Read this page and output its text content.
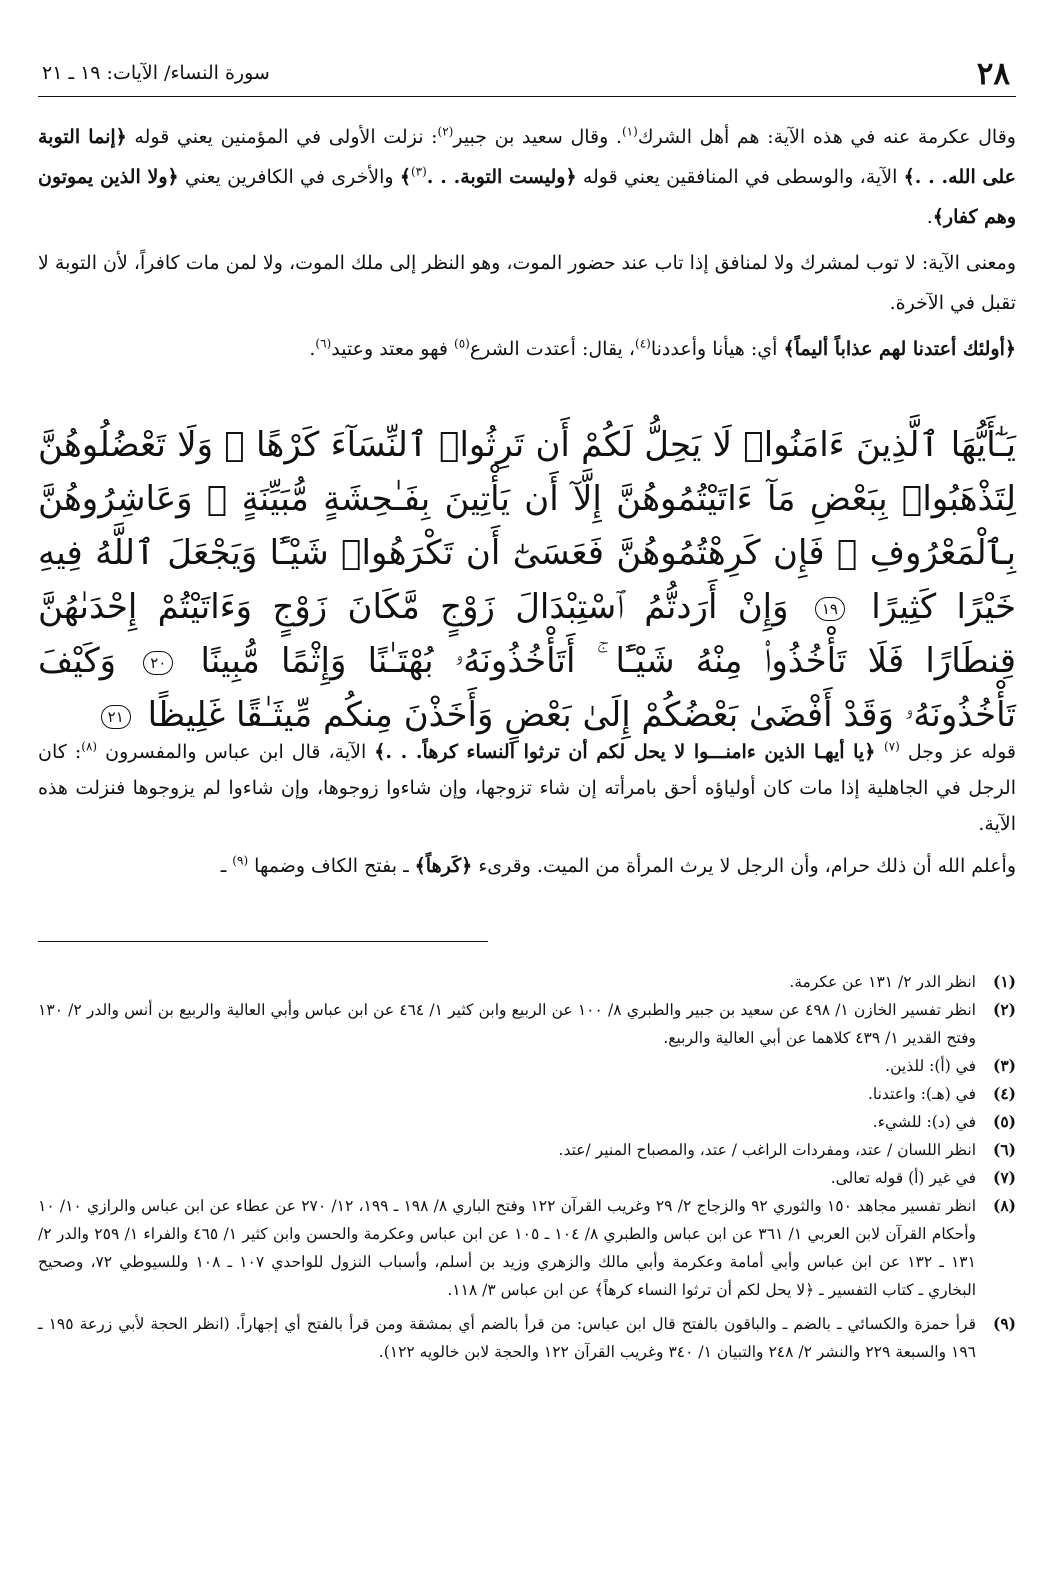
٢٨
سورة النساء/ الآيات: ١٩ ـ ٢١

وقال عكرمة عنه في هذه الآية: هم أهل الشرك$^{(١)}$. وقال سعيد بن جبير$^{(٢)}$: نزلت الأولى في المؤمنين يعني قوله ﴿إنما التوبة على الله. . .﴾ الآية، والوسطى في المنافقين يعني قوله ﴿وليست التوبة. . .$^{(٣)}$﴾ والأخرى في الكافرين يعني ﴿ولا الذين يموتون وهم كفار﴾.

ومعنى الآية: لا توب لمشرك ولا لمنافق إذا تاب عند حضور الموت، وهو النظر إلى ملك الموت، ولا لمن مات كافراً، لأن التوبة لا تقبل في الآخرة.

﴿أولئك أعتدنا لهم عذاباً أليماً﴾ أي: هيأنا وأعددنا$^{(٤)}$، يقال: أعتدت الشرع$^{(٥)}$ فهو معتد وعتيد$^{(٦)}$.

يَـٰٓأَيُّهَا ٱلَّذِينَ ءَامَنُوا۟ لَا يَحِلُّ لَكُمْ أَن تَرِثُوا۟ ٱلنِّسَآءَ كَرْهًا ۖ وَلَا تَعْضُلُوهُنَّ لِتَذْهَبُوا۟ بِبَعْضِ مَآ ءَاتَيْتُمُوهُنَّ إِلَّآ أَن يَأْتِينَ بِفَـٰحِشَةٍ مُّبَيِّنَةٍ ۚ وَعَاشِرُوهُنَّ بِٱلْمَعْرُوفِ ۚ فَإِن كَرِهْتُمُوهُنَّ فَعَسَىٰٓ أَن تَكْرَهُوا۟ شَيْـًٔا وَيَجْعَلَ ٱللَّهُ فِيهِ خَيْرًا كَثِيرًا ١٩ وَإِنْ أَرَدتُّمُ ٱسْتِبْدَالَ زَوْجٍ مَّكَانَ زَوْجٍ وَءَاتَيْتُمْ إِحْدَىٰهُنَّ قِنطَارًا فَلَا تَأْخُذُوا۟ مِنْهُ شَيْـًٔا ۚ أَتَأْخُذُونَهُۥ بُهْتَـٰنًا وَإِثْمًا مُّبِينًا ٢٠ وَكَيْفَ تَأْخُذُونَهُۥ وَقَدْ أَفْضَىٰ بَعْضُكُمْ إِلَىٰ بَعْضٍ وَأَخَذْنَ مِنكُم مِّيثَـٰقًا غَلِيظًا ٢١

قوله عز وجل $^{(٧)}$ ﴿يا أيهـا الذين ءامنـــوا لا يحل لكم أن ترثوا النساء كرهاً. . .﴾ الآية، قال ابن عباس والمفسرون $^{(٨)}$: كان الرجل في الجاهلية إذا مات كان أولياؤه أحق بامرأته إن شاء تزوجها، وإن شاءوا زوجوها، وإن شاءوا لم يزوجوها فنزلت هذه الآية.

وأعلم الله أن ذلك حرام، وأن الرجل لا يرث المرأة من الميت. وقرىء ﴿كَرهاً﴾ ـ بفتح الكاف وضمها $^{(٩)}$ ـ

(١)
انظر الدر ٢/ ١٣١ عن عكرمة.
(٢)
انظر تفسير الخازن ١/ ٤٩٨ عن سعيد بن جبير والطبري ٨/ ١٠٠ عن الربيع وابن كثير ١/ ٤٦٤ عن ابن عباس وأبي العالية والربيع بن أنس والدر ٢/ ١٣٠ وفتح القدير ١/ ٤٣٩ كلاهما عن أبي العالية والربيع.
(٣)
في (أ): للذين.
(٤)
في (هـ): واعتدنا.
(٥)
في (د): للشيء.
(٦)
انظر اللسان / عتد، ومفردات الراغب / عتد، والمصباح المنير /عتد.
(٧)
في غير (أ) قوله تعالى.
(٨)
انظر تفسير مجاهد ١٥٠ والثوري ٩٢ والزجاج ٢/ ٢٩ وغريب القرآن ١٢٢ وفتح الباري ٨/ ١٩٨ ـ ١٩٩، ١٢/ ٢٧٠ عن عطاء عن ابن عباس والرازي ١٠/ ١٠ وأحكام القرآن لابن العربي ١/ ٣٦١ عن ابن عباس والطبري ٨/ ١٠٤ ـ ١٠٥ عن ابن عباس وعكرمة والحسن وابن كثير ١/ ٤٦٥ والفراء ١/ ٢٥٩ والدر ٢/ ١٣١ ـ ١٣٢ عن ابن عباس وأبي أمامة وعكرمة وأبي مالك والزهري وزيد بن أسلم، وأسباب النزول للواحدي ١٠٧ ـ ١٠٨ وللسيوطي ٧٢، وصحيح البخاري ـ كتاب التفسير ـ ﴿لا يحل لكم أن ترثوا النساء كرهاً﴾ عن ابن عباس ٣/ ١١٨.
(٩)
قرأ حمزة والكسائي ـ بالضم ـ والباقون بالفتح قال ابن عباس: من قرأ بالضم أي بمشقة ومن قرأ بالفتح أي إجهاراً. (انظر الحجة لأبي زرعة ١٩٥ ـ ١٩٦ والسبعة ٢٢٩ والنشر ٢/ ٢٤٨ والتبيان ١/ ٣٤٠ وغريب القرآن ١٢٢ والحجة لابن خالويه ١٢٢).
